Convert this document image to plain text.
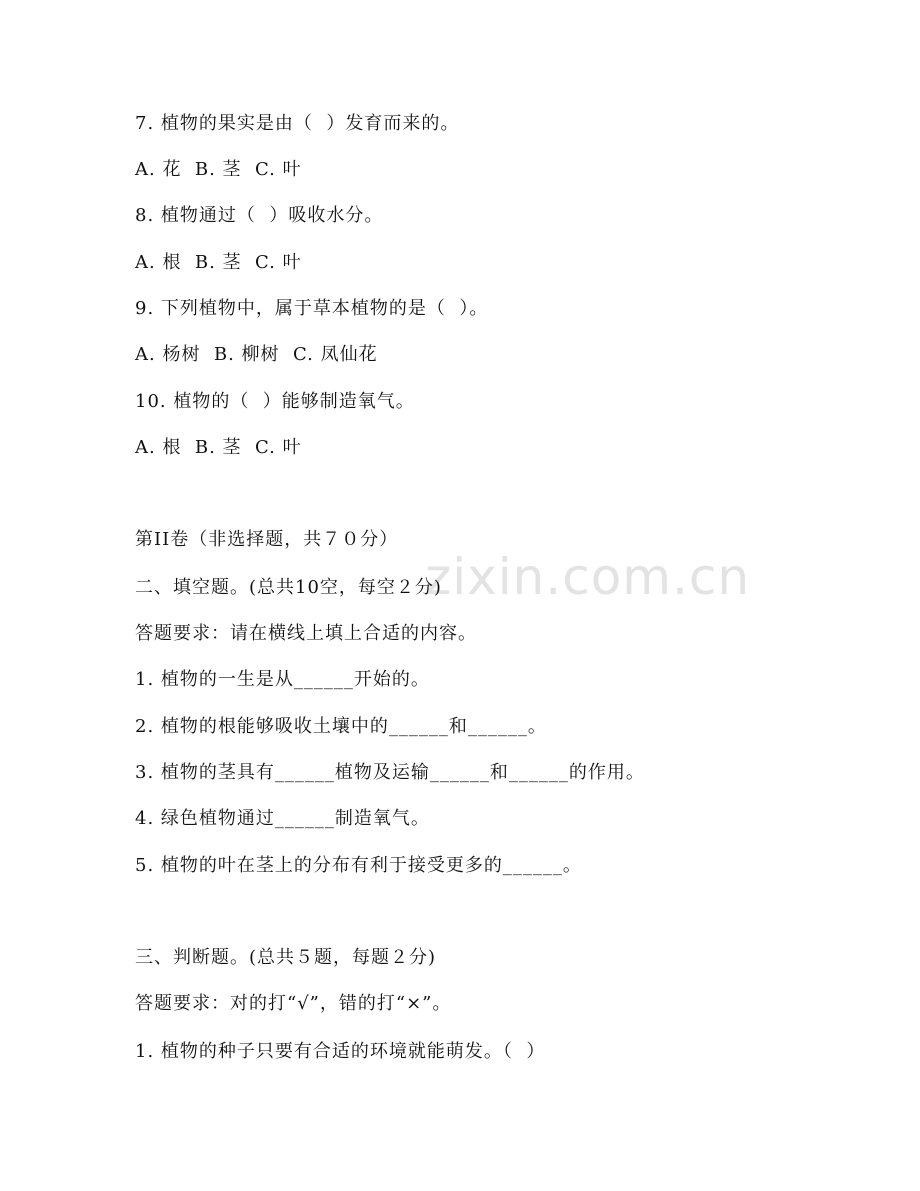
zixin.com.cn
7. 植物的果实是由（  ）发育而来的。
A. 花  B. 茎  C. 叶
8. 植物通过（  ）吸收水分。
A. 根  B. 茎  C. 叶
9. 下列植物中，属于草本植物的是（  ）。
A. 杨树  B. 柳树  C. 凤仙花
10. 植物的（  ）能够制造氧气。
A. 根  B. 茎  C. 叶
第II卷（非选择题，共７０分）
二、填空题。(总共10空，每空２分)
答题要求：请在横线上填上合适的内容。
1. 植物的一生是从______开始的。
2. 植物的根能够吸收土壤中的______和______。
3. 植物的茎具有______植物及运输______和______的作用。
4. 绿色植物通过______制造氧气。
5. 植物的叶在茎上的分布有利于接受更多的______。
三、判断题。(总共５题，每题２分)
答题要求：对的打“√”，错的打“×”。
1. 植物的种子只要有合适的环境就能萌发。（  ）
